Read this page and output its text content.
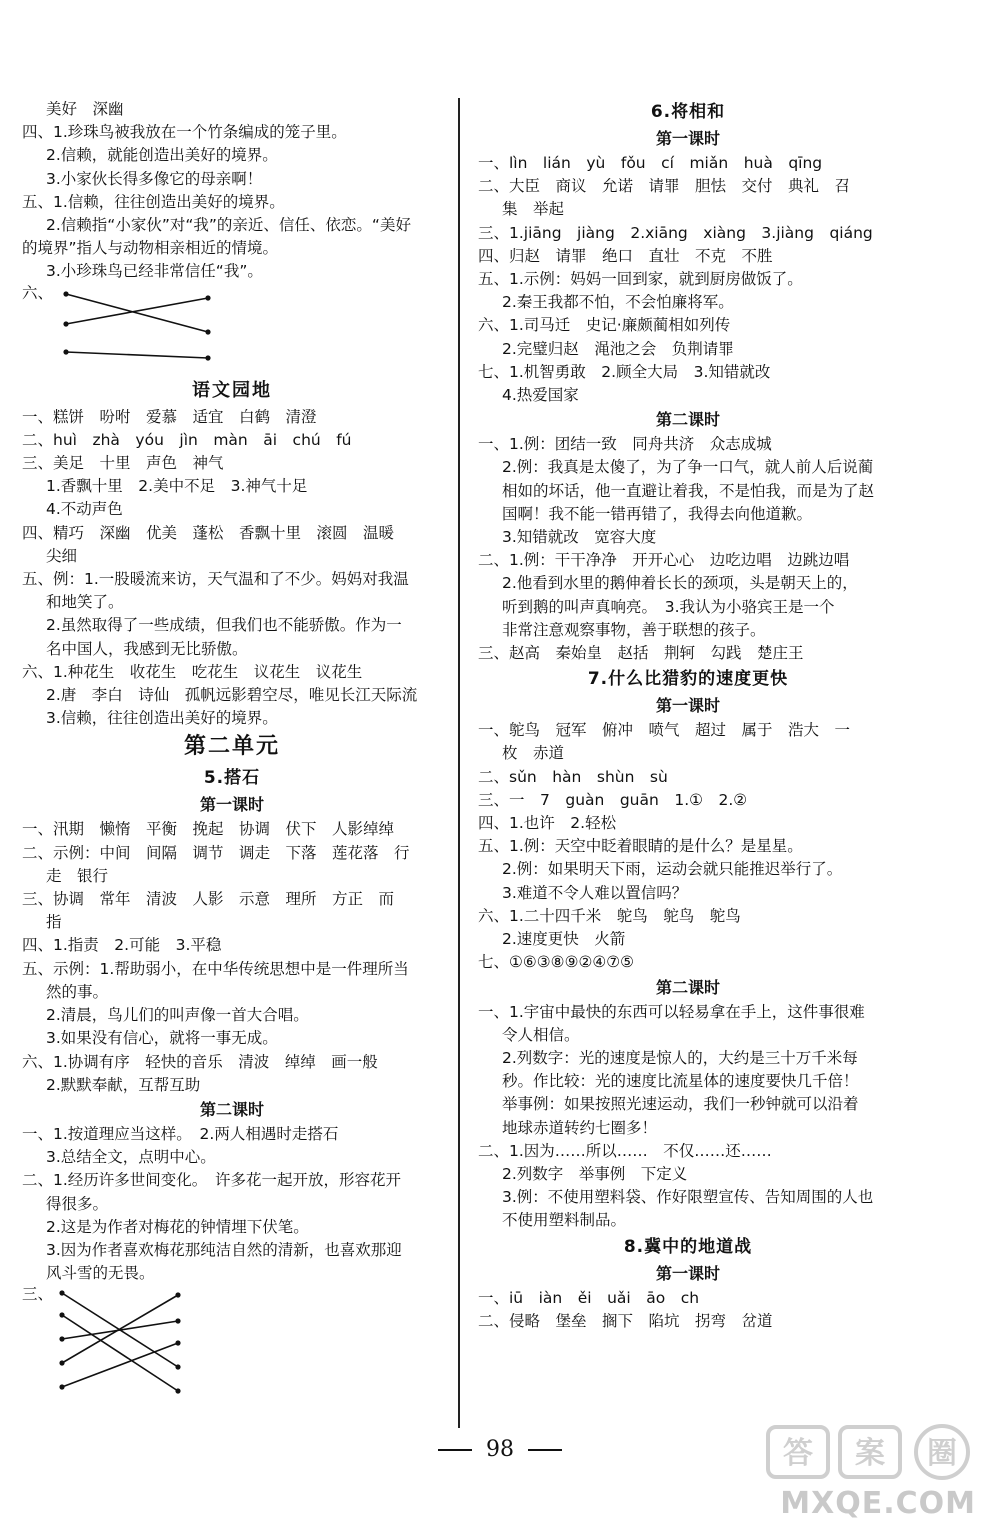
美好　深幽
四、1.珍珠鸟被我放在一个竹条编成的笼子里。
2.信赖，就能创造出美好的境界。
3.小家伙长得多像它的母亲啊！
五、1.信赖，往往创造出美好的境界。
2.信赖指“小家伙”对“我”的亲近、信任、依恋。“美好
的境界”指人与动物相亲相近的情境。
3.小珍珠鸟已经非常信任“我”。
六、
语文园地
一、糕饼　吩咐　爱慕　适宜　白鹤　清澄
二、huì　zhà　yóu　jìn　màn　āi　chú　fú
三、美足　十里　声色　神气
1.香飘十里　2.美中不足　3.神气十足
4.不动声色
四、精巧　深幽　优美　蓬松　香飘十里　滚圆　温暖
尖细
五、例：1.一股暖流来访，天气温和了不少。妈妈对我温
和地笑了。
2.虽然取得了一些成绩，但我们也不能骄傲。作为一
名中国人，我感到无比骄傲。
六、1.种花生　收花生　吃花生　议花生　议花生
2.唐　李白　诗仙　孤帆远影碧空尽，唯见长江天际流
3.信赖，往往创造出美好的境界。
第二单元
5.搭石
第一课时
一、汛期　懒惰　平衡　挽起　协调　伏下　人影绰绰
二、示例：中间　间隔　调节　调走　下落　莲花落　行
走　银行
三、协调　常年　清波　人影　示意　理所　方正　而
指
四、1.指责　2.可能　3.平稳
五、示例：1.帮助弱小，在中华传统思想中是一件理所当
然的事。
2.清晨，鸟儿们的叫声像一首大合唱。
3.如果没有信心，就将一事无成。
六、1.协调有序　轻快的音乐　清波　绰绰　画一般
2.默默奉献，互帮互助
第二课时
一、1.按道理应当这样。　2.两人相遇时走搭石
3.总结全文，点明中心。
二、1.经历许多世间变化。　许多花一起开放，形容花开
得很多。
2.这是为作者对梅花的钟情埋下伏笔。
3.因为作者喜欢梅花那纯洁自然的清新，也喜欢那迎
风斗雪的无畏。
三、
6.将相和
第一课时
一、lìn　lián　yù　fǒu　cí　miǎn　huà　qīng
二、大臣　商议　允诺　请罪　胆怯　交付　典礼　召
集　举起
三、1.jiāng　jiàng　2.xiāng　xiàng　3.jiàng　qiáng
四、归赵　请罪　绝口　直壮　不克　不胜
五、1.示例：妈妈一回到家，就到厨房做饭了。
2.秦王我都不怕，不会怕廉将军。
六、1.司马迁　史记·廉颇蔺相如列传
2.完璧归赵　渑池之会　负荆请罪
七、1.机智勇敢　2.顾全大局　3.知错就改
4.热爱国家
第二课时
一、1.例：团结一致　同舟共济　众志成城
2.例：我真是太傻了，为了争一口气，就人前人后说蔺
相如的坏话，他一直避让着我，不是怕我，而是为了赵
国啊！我不能一错再错了，我得去向他道歉。
3.知错就改　宽容大度
二、1.例：干干净净　开开心心　边吃边唱　边跳边唱
2.他看到水里的鹅伸着长长的颈项，头是朝天上的，
听到鹅的叫声真响亮。　3.我认为小骆宾王是一个
非常注意观察事物，善于联想的孩子。
三、赵高　秦始皇　赵括　荆轲　勾践　楚庄王
7.什么比猎豹的速度更快
第一课时
一、鸵鸟　冠军　俯冲　喷气　超过　属于　浩大　一
枚　赤道
二、sǔn　hàn　shùn　sù
三、一　7　guàn　guān　1.①　2.②
四、1.也许　2.轻松
五、1.例：天空中眨着眼睛的是什么？是星星。
2.例：如果明天下雨，运动会就只能推迟举行了。
3.难道不令人难以置信吗？
六、1.二十四千米　鸵鸟　鸵鸟　鸵鸟
2.速度更快　火箭
七、①⑥③⑧⑨②④⑦⑤
第二课时
一、1.宇宙中最快的东西可以轻易拿在手上，这件事很难
令人相信。
2.列数字：光的速度是惊人的，大约是三十万千米每
秒。作比较：光的速度比流星体的速度要快几千倍！
举事例：如果按照光速运动，我们一秒钟就可以沿着
地球赤道转约七圈多！
二、1.因为……所以……　不仅……还……
2.列数字　举事例　下定义
3.例：不使用塑料袋、作好限塑宣传、告知周围的人也
不使用塑料制品。
8.冀中的地道战
第一课时
一、iū　iàn　ěi　uǎi　āo　ch
二、侵略　堡垒　搁下　陷坑　拐弯　岔道
98	答 案 圈
MXQE.COM
